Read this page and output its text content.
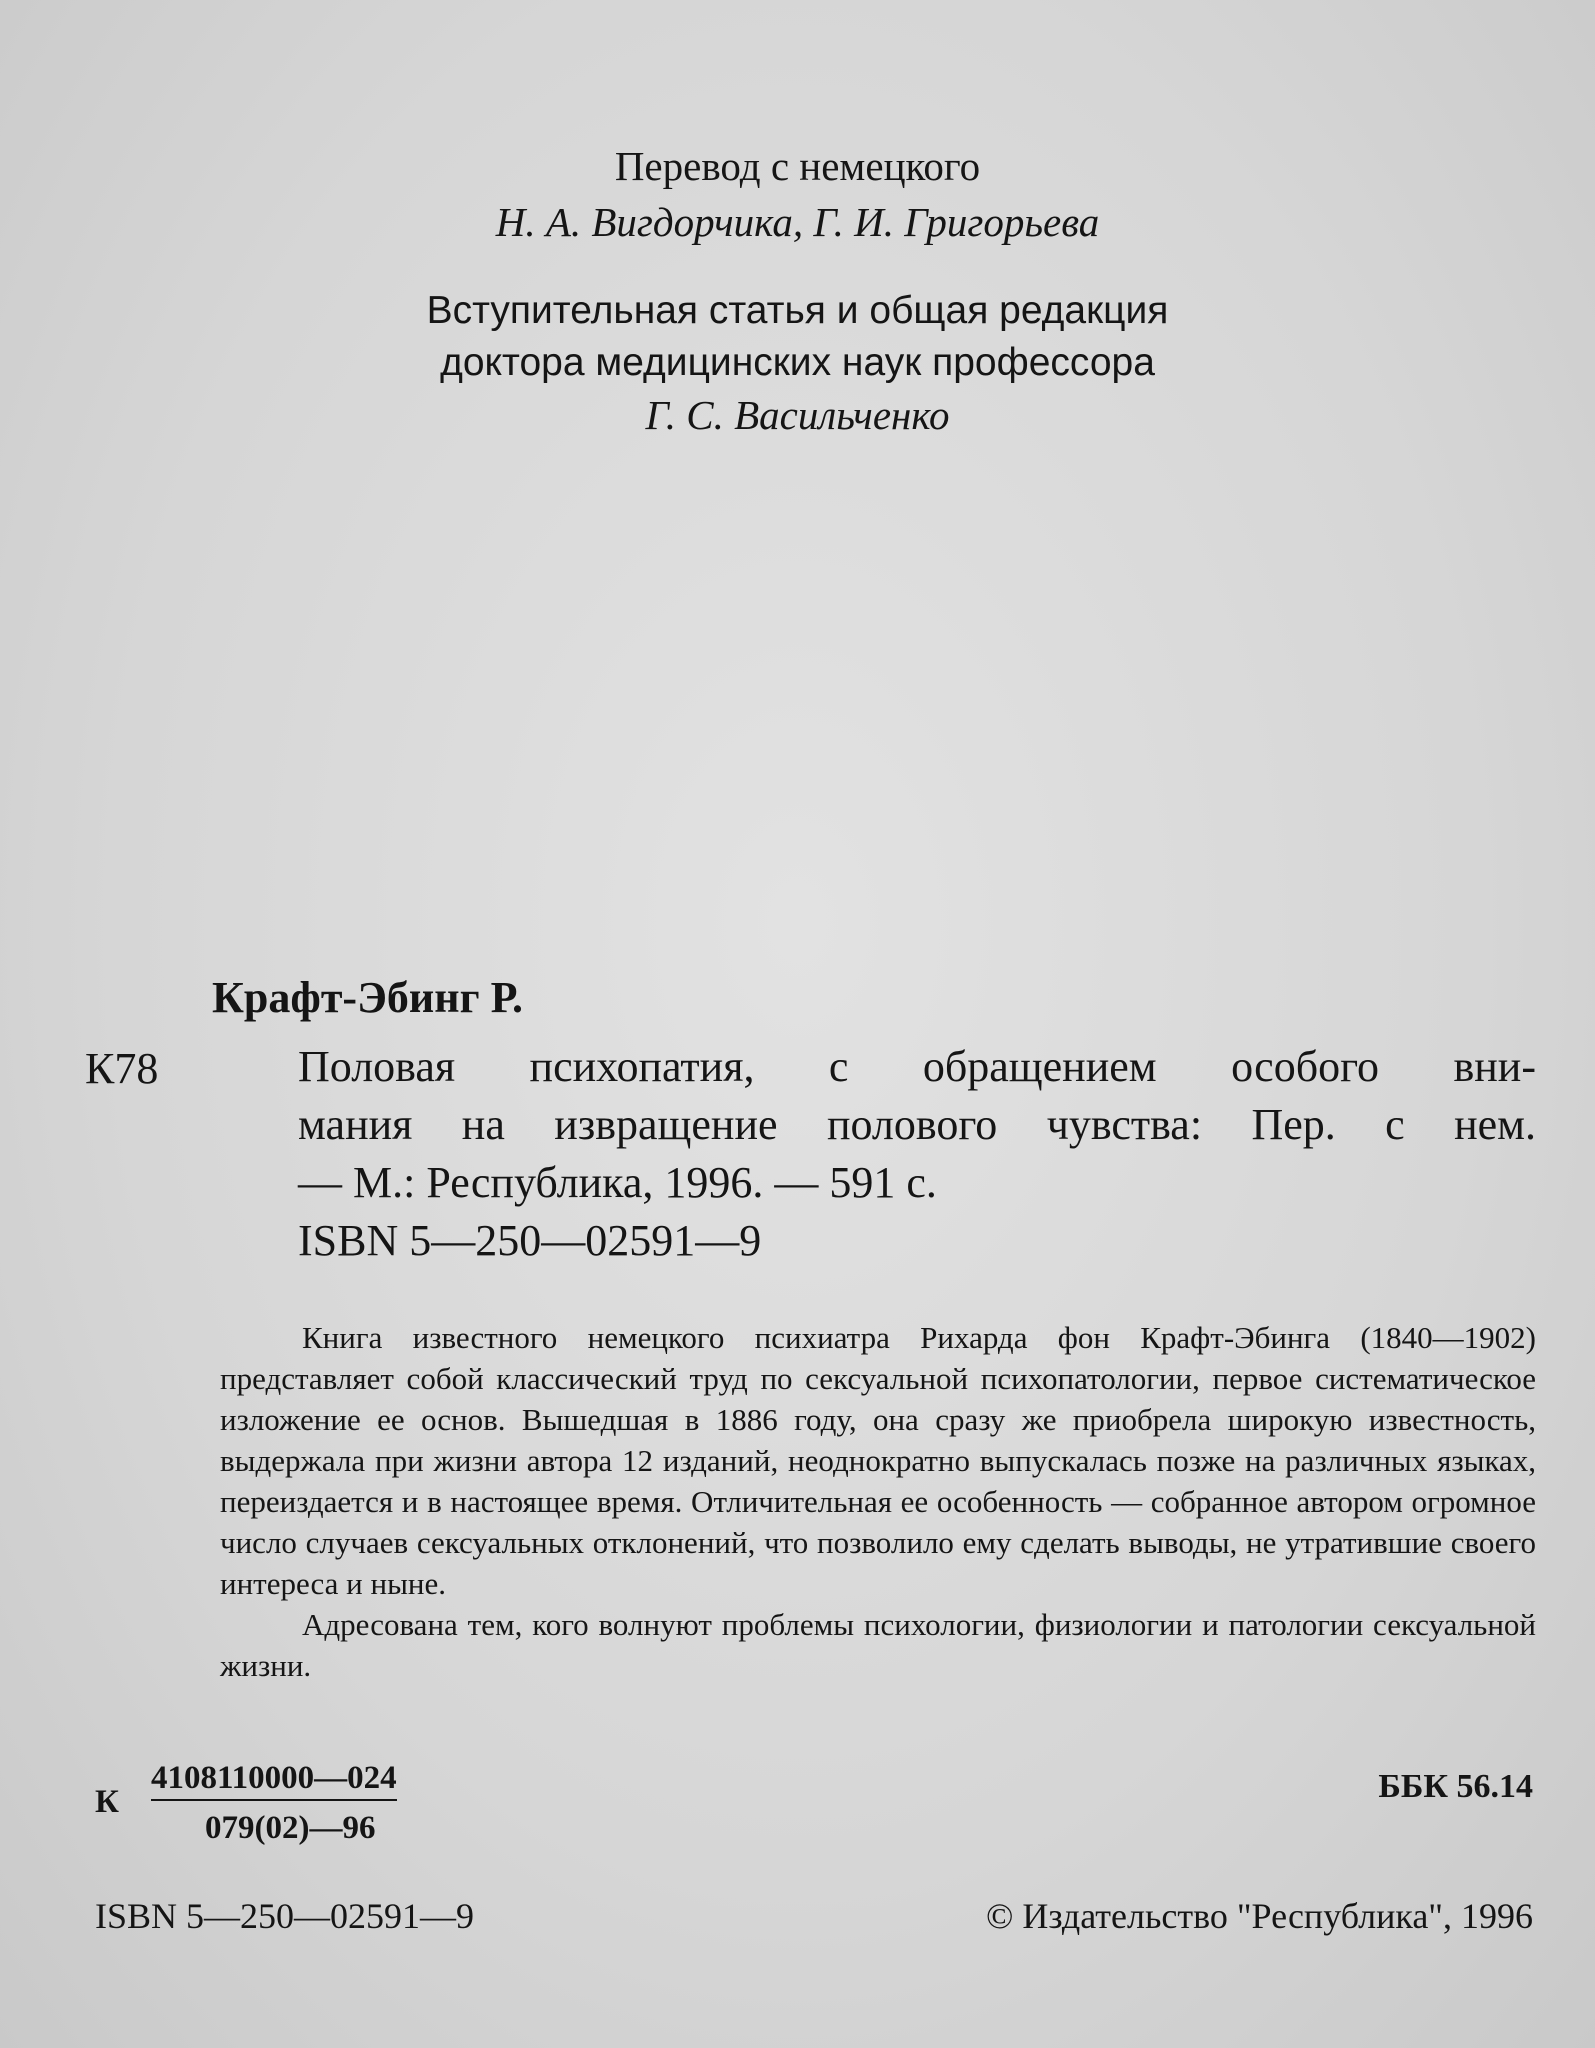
Перевод с немецкого
Н. А. Вигдорчика, Г. И. Григорьева
Вступительная статья и общая редакция
доктора медицинских наук профессора
Г. С. Васильченко
Крафт-Эбинг Р.
К78	Половая психопатия, с обращением особого вни-
мания на извращение полового чувства: Пер. с нем.
— М.: Республика, 1996. — 591 с.
ISBN 5—250—02591—9

Книга известного немецкого психиатра Рихарда фон Крафт-Эбинга (1840—1902) представляет собой классический труд по сексуальной психопатологии, первое систематическое изложение ее основ. Вышедшая в 1886 году, она сразу же приобрела широкую известность, выдержала при жизни автора 12 изданий, неоднократно выпускалась позже на различных языках, переиздается и в настоящее время. Отличительная ее особенность — собранное автором огромное число случаев сексуальных отклонений, что позволило ему сделать выводы, не утратившие своего интереса и ныне.

Адресована тем, кого волнуют проблемы психологии, физиологии и патологии сексуальной жизни.

К
4108110000—024
079(02)—96
ББК 56.14
ISBN 5—250—02591—9	© Издательство "Республика", 1996
